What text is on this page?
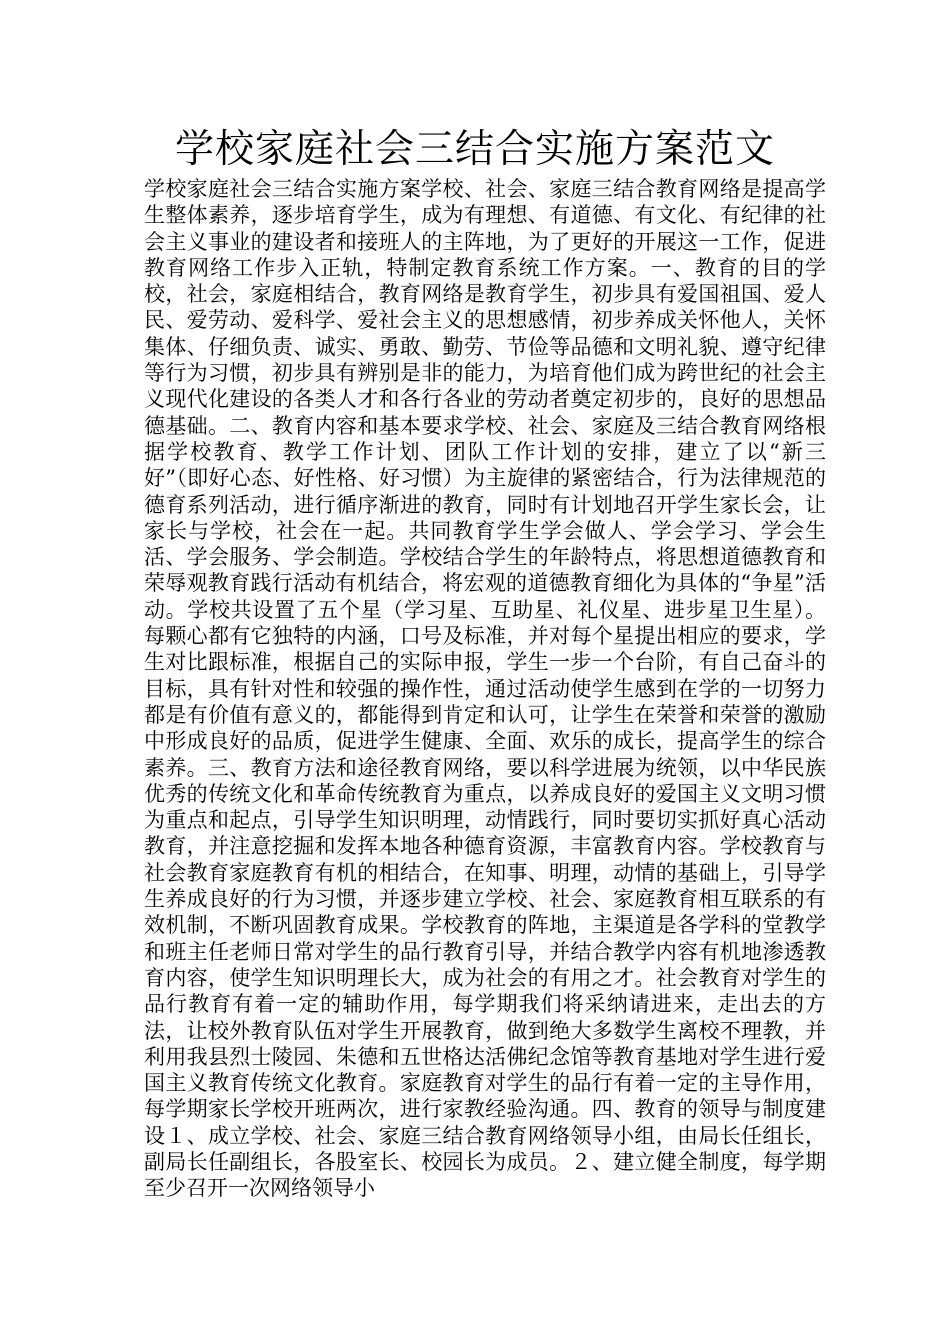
学校家庭社会三结合实施方案范文

学校家庭社会三结合实施方案学校、社会、家庭三结合教育网络是提高学生整体素养，逐步培育学生，成为有理想、有道德、有文化、有纪律的社会主义事业的建设者和接班人的主阵地，为了更好的开展这一工作，促进教育网络工作步入正轨，特制定教育系统工作方案。一、教育的目的学校，社会，家庭相结合，教育网络是教育学生，初步具有爱国祖国、爱人民、爱劳动、爱科学、爱社会主义的思想感情，初步养成关怀他人，关怀集体、仔细负责、诚实、勇敢、勤劳、节俭等品德和文明礼貌、遵守纪律等行为习惯，初步具有辨别是非的能力，为培育他们成为跨世纪的社会主义现代化建设的各类人才和各行各业的劳动者奠定初步的，良好的思想品德基础。二、教育内容和基本要求学校、社会、家庭及三结合教育网络根据学校教育、教学工作计划、团队工作计划的安排，建立了以“新三好”（即好心态、好性格、好习惯）为主旋律的紧密结合，行为法律规范的德育系列活动，进行循序渐进的教育，同时有计划地召开学生家长会，让家长与学校，社会在一起。共同教育学生学会做人、学会学习、学会生活、学会服务、学会制造。学校结合学生的年龄特点，将思想道德教育和荣辱观教育践行活动有机结合，将宏观的道德教育细化为具体的“争星”活动。学校共设置了五个星（学习星、互助星、礼仪星、进步星卫生星）。每颗心都有它独特的内涵，口号及标准，并对每个星提出相应的要求，学生对比跟标准，根据自己的实际申报，学生一步一个台阶，有自己奋斗的目标，具有针对性和较强的操作性，通过活动使学生感到在学的一切努力都是有价值有意义的，都能得到肯定和认可，让学生在荣誉和荣誉的激励中形成良好的品质，促进学生健康、全面、欢乐的成长，提高学生的综合素养。三、教育方法和途径教育网络，要以科学进展为统领，以中华民族优秀的传统文化和革命传统教育为重点，以养成良好的爱国主义文明习惯为重点和起点，引导学生知识明理，动情践行，同时要切实抓好真心活动教育，并注意挖掘和发挥本地各种德育资源，丰富教育内容。学校教育与社会教育家庭教育有机的相结合，在知事、明理，动情的基础上，引导学生养成良好的行为习惯，并逐步建立学校、社会、家庭教育相互联系的有效机制，不断巩固教育成果。学校教育的阵地，主渠道是各学科的堂教学和班主任老师日常对学生的品行教育引导，并结合教学内容有机地渗透教育内容，使学生知识明理长大，成为社会的有用之才。社会教育对学生的品行教育有着一定的辅助作用，每学期我们将采纳请进来，走出去的方法，让校外教育队伍对学生开展教育，做到绝大多数学生离校不理教，并利用我县烈士陵园、朱德和五世格达活佛纪念馆等教育基地对学生进行爱国主义教育传统文化教育。家庭教育对学生的品行有着一定的主导作用，每学期家长学校开班两次，进行家教经验沟通。四、教育的领导与制度建设１、成立学校、社会、家庭三结合教育网络领导小组，由局长任组长，副局长任副组长，各股室长、校园长为成员。２、建立健全制度，每学期至少召开一次网络领导小
